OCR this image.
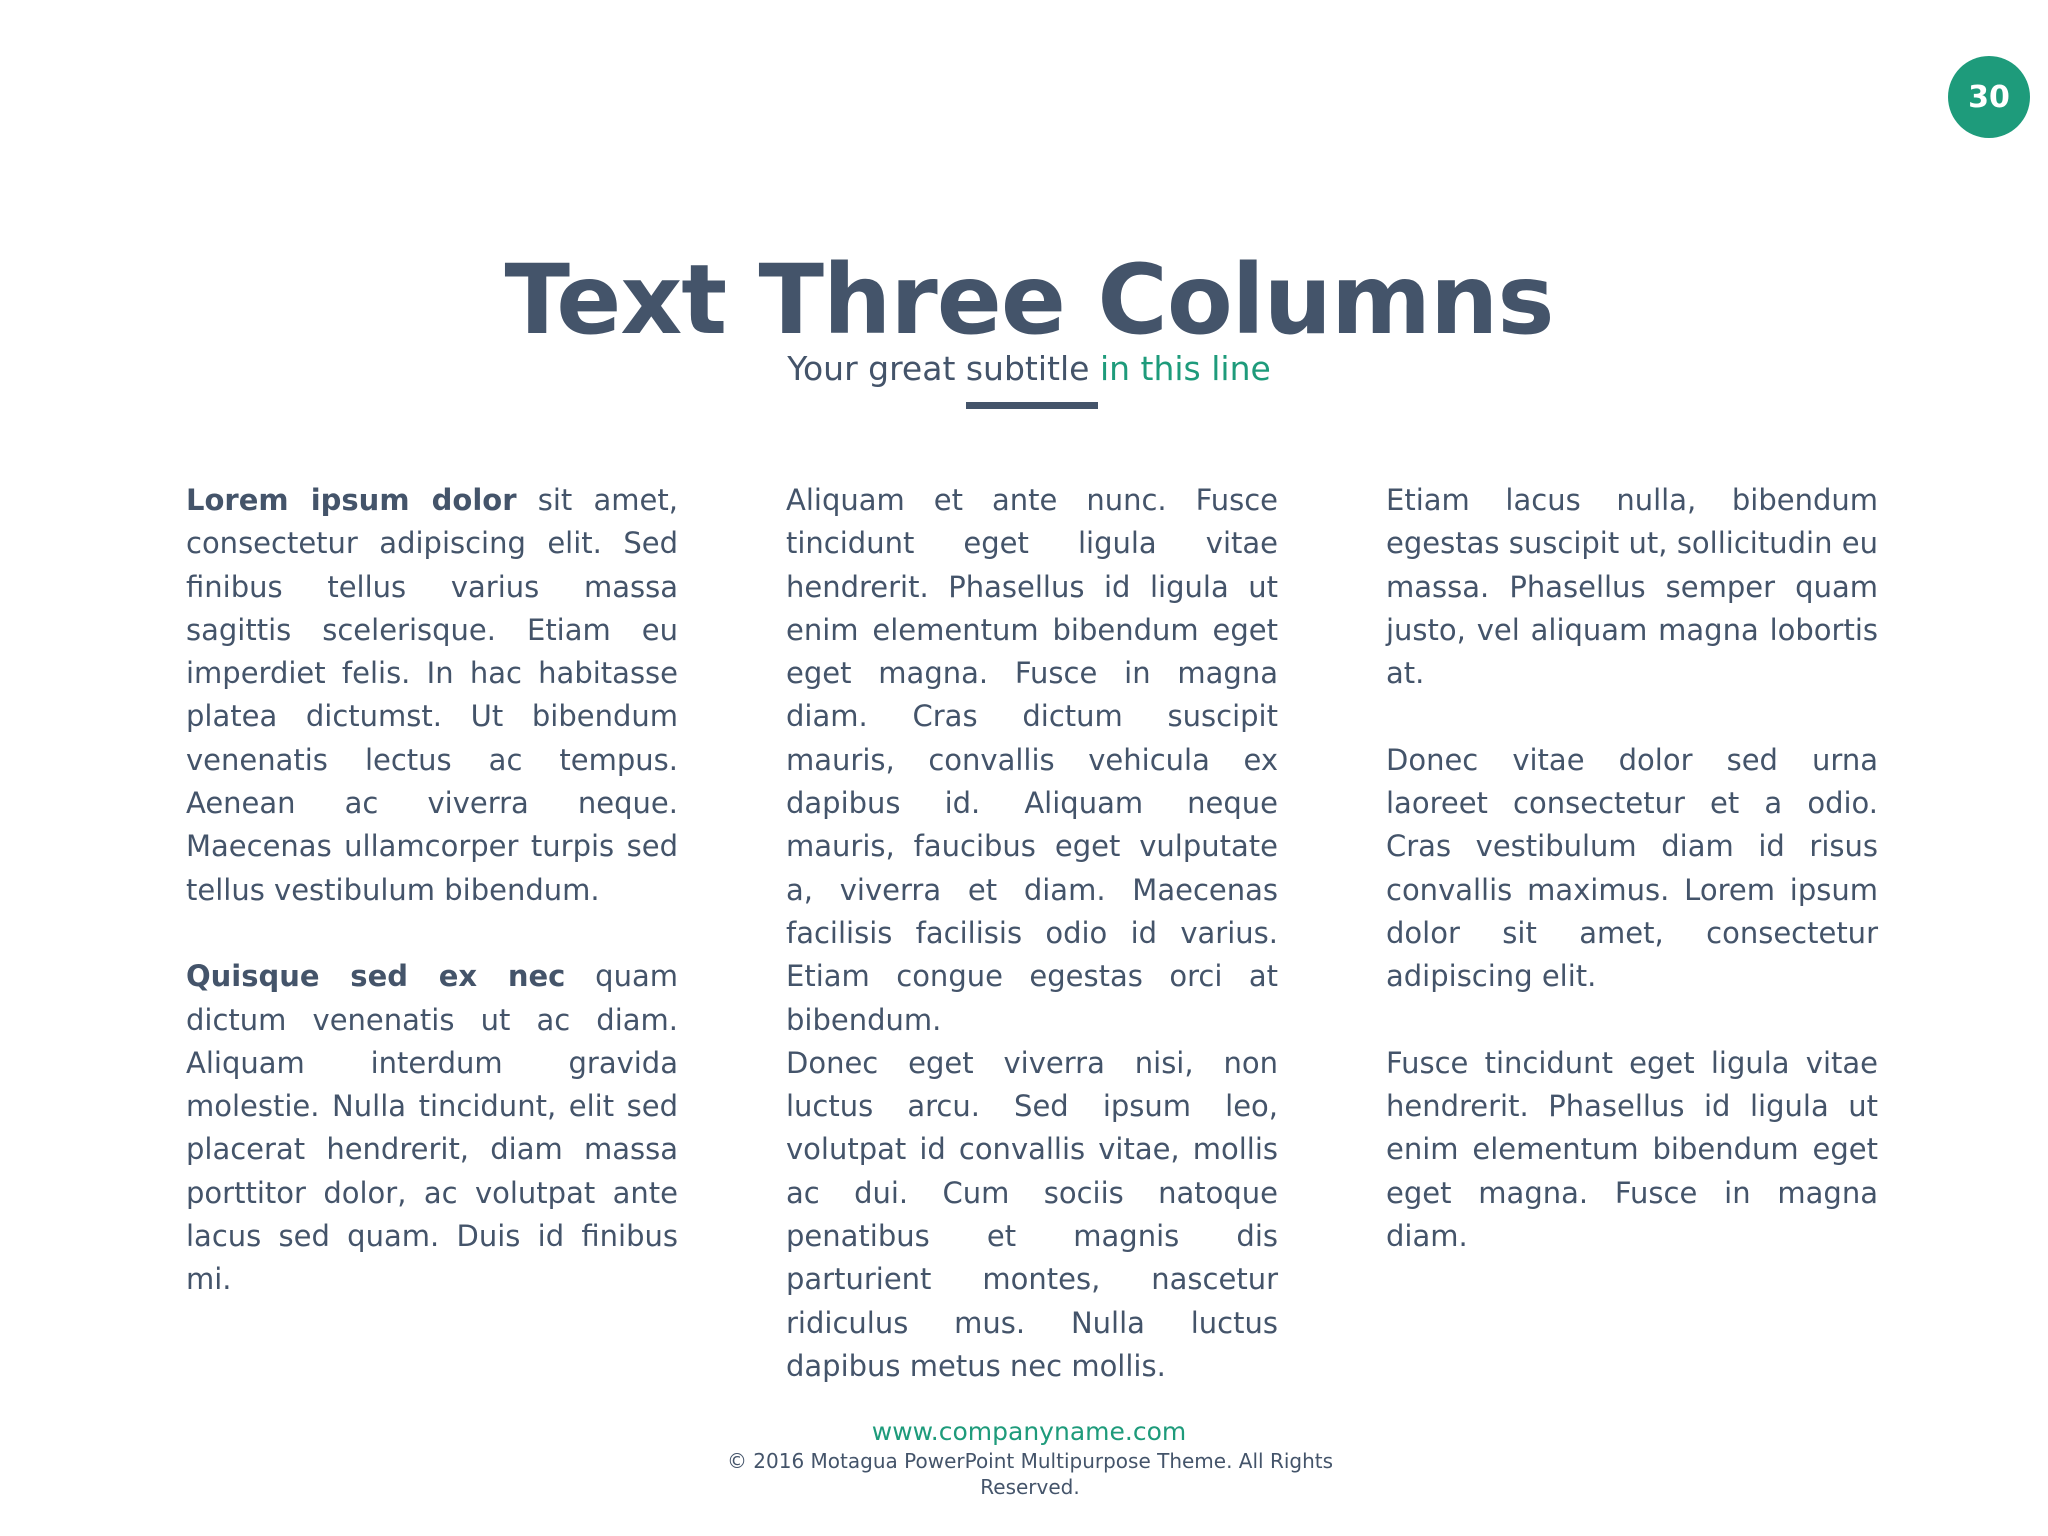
30
Text Three Columns
Your great subtitle in this line

Lorem ipsum dolor sit amet, consectetur adipiscing elit. Sed finibus tellus varius massa sagittis scelerisque. Etiam eu imperdiet felis. In hac habitasse platea dictumst. Ut bibendum venenatis lectus ac tempus. Aenean ac viverra neque. Maecenas ullamcorper turpis sed tellus vestibulum bibendum.

Quisque sed ex nec quam dictum venenatis ut ac diam. Aliquam interdum gravida molestie. Nulla tincidunt, elit sed placerat hendrerit, diam massa porttitor dolor, ac volutpat ante lacus sed quam. Duis id finibus mi.

Aliquam et ante nunc. Fusce tincidunt eget ligula vitae hendrerit. Phasellus id ligula ut enim elementum bibendum eget eget magna. Fusce in magna diam. Cras dictum suscipit mauris, convallis vehicula ex dapibus id. Aliquam neque mauris, faucibus eget vulputate a, viverra et diam. Maecenas facilisis facilisis odio id varius. Etiam congue egestas orci at bibendum.

Donec eget viverra nisi, non luctus arcu. Sed ipsum leo, volutpat id convallis vitae, mollis ac dui. Cum sociis natoque penatibus et magnis dis parturient montes, nascetur ridiculus mus. Nulla luctus dapibus metus nec mollis.

Etiam lacus nulla, bibendum egestas suscipit ut, sollicitudin eu massa. Phasellus semper quam justo, vel aliquam magna lobortis at.

Donec vitae dolor sed urna laoreet consectetur et a odio. Cras vestibulum diam id risus convallis maximus. Lorem ipsum dolor sit amet, consectetur adipiscing elit.

Fusce tincidunt eget ligula vitae hendrerit. Phasellus id ligula ut enim elementum bibendum eget eget magna. Fusce in magna diam.

www.companyname.com
© 2016 Motagua PowerPoint Multipurpose Theme. All Rights Reserved.
